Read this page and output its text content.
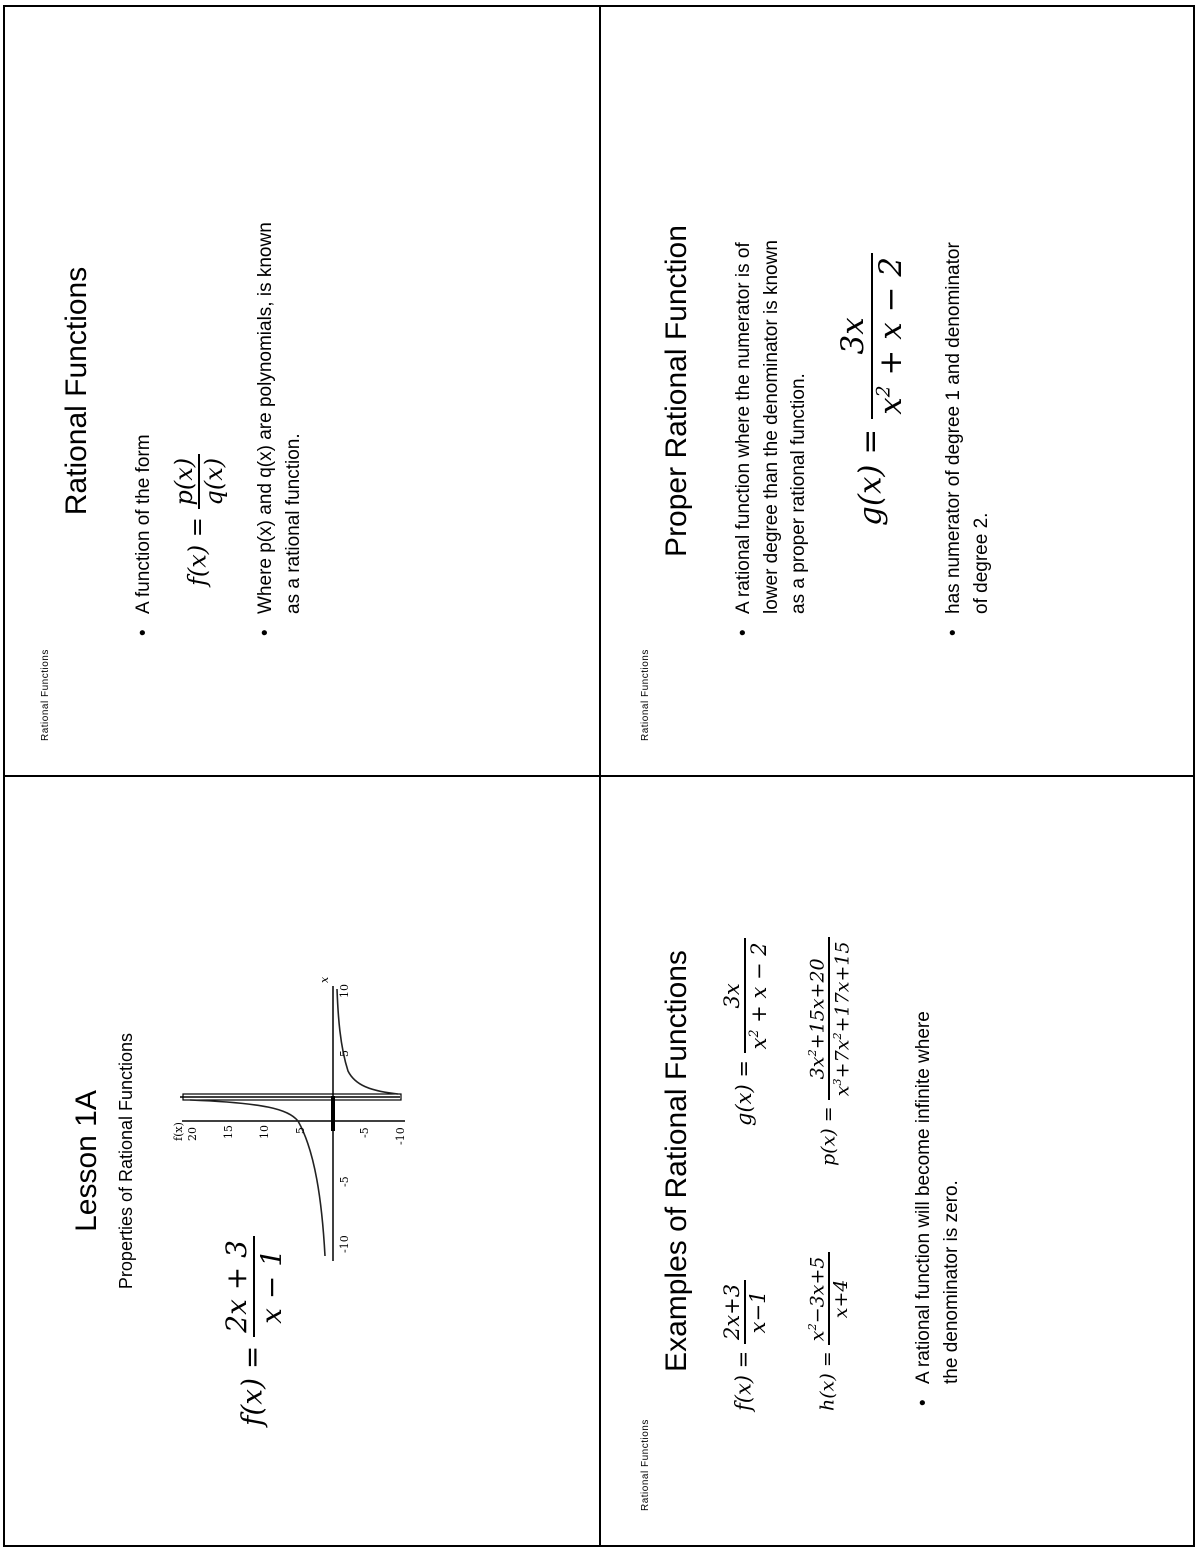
Lesson 1A Properties of Rational Functions
f(x) =
2x + 3 x − 1
-10
-5
5
10
x
f(x) 20 15 10 5	-5 -10
Rational Functions
Rational Functions
• A function of the form	f(x) =
p(x) q(x) • Where p(x) and q(x) are polynomials, is known as a rational function.
Rational Functions
Examples of Rational Functions
f(x) =
2x+3 x−1
g(x) =
3x
$x^2 + x - 2$
h(x) =
$x^2-3x+5$ x+4
p(x) =
$3x^2+15x+20$
$x^3+7x^2+17x+15$
• A rational function will become infinite where the denominator is zero.
Rational Functions
Proper Rational Function • A rational function where the numerator is of lower degree than the denominator is known as a proper rational function.	g(x) =
3x
$x^2 + x - 2$ • has numerator of degree 1 and denominator of degree 2.
